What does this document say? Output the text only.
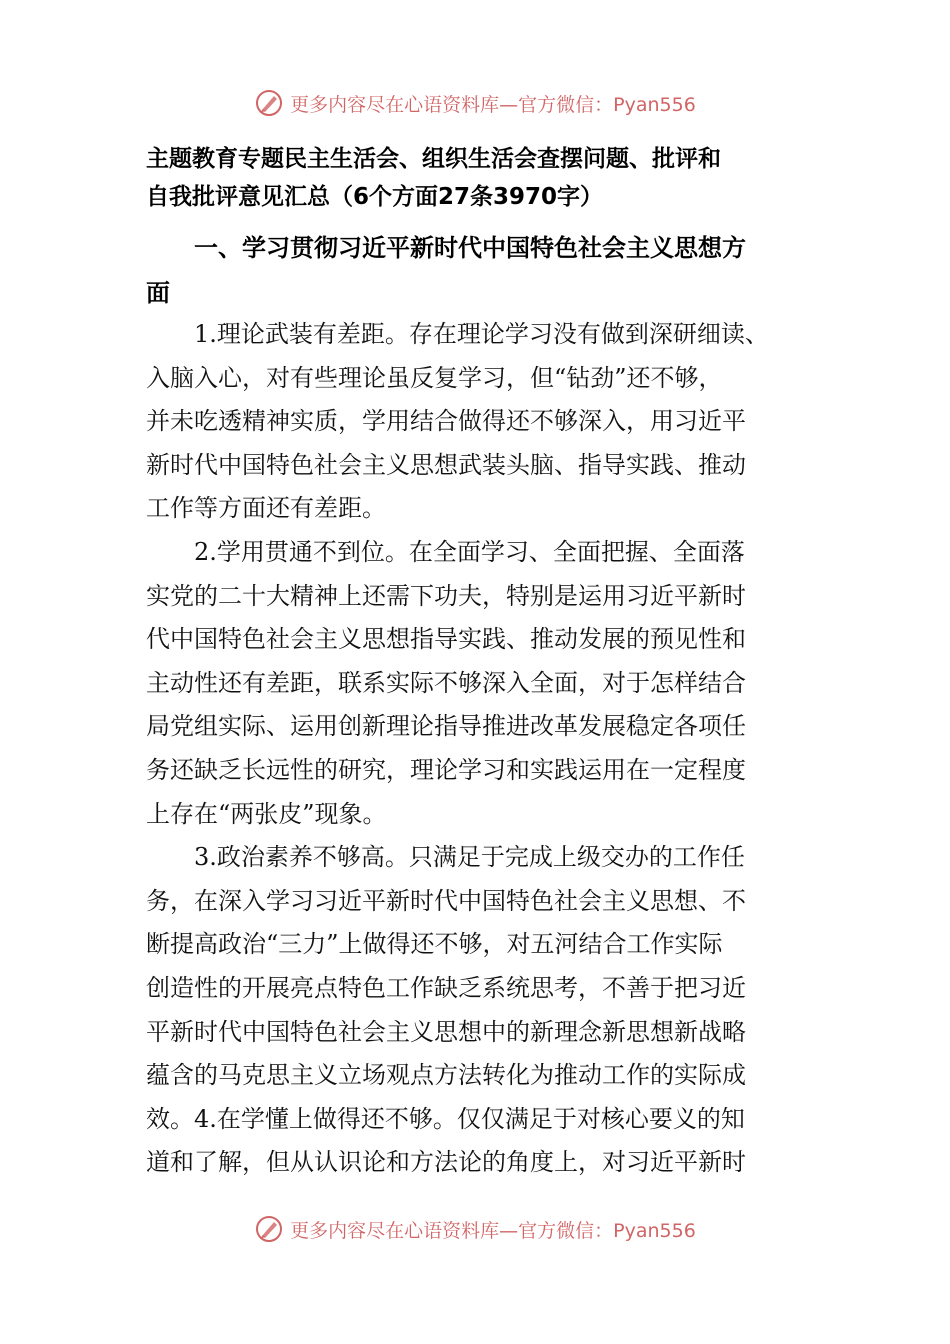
更多内容尽在心语资料库—官方微信：Pyan556
主题教育专题民主生活会、组织生活会查摆问题、批评和
自我批评意见汇总（6个方面27条3970字）
一、学习贯彻习近平新时代中国特色社会主义思想方
面

1.理论武装有差距。存在理论学习没有做到深研细读、
入脑入心，对有些理论虽反复学习，但“钻劲”还不够，
并未吃透精神实质，学用结合做得还不够深入，用习近平
新时代中国特色社会主义思想武装头脑、指导实践、推动
工作等方面还有差距。

2.学用贯通不到位。在全面学习、全面把握、全面落
实党的二十大精神上还需下功夫，特别是运用习近平新时
代中国特色社会主义思想指导实践、推动发展的预见性和
主动性还有差距，联系实际不够深入全面，对于怎样结合
局党组实际、运用创新理论指导推进改革发展稳定各项任
务还缺乏长远性的研究，理论学习和实践运用在一定程度
上存在“两张皮”现象。

3.政治素养不够高。只满足于完成上级交办的工作任
务，在深入学习习近平新时代中国特色社会主义思想、不
断提高政治“三力”上做得还不够，对五河结合工作实际
创造性的开展亮点特色工作缺乏系统思考，不善于把习近
平新时代中国特色社会主义思想中的新理念新思想新战略
蕴含的马克思主义立场观点方法转化为推动工作的实际成
效。4.在学懂上做得还不够。仅仅满足于对核心要义的知
道和了解，但从认识论和方法论的角度上，对习近平新时

更多内容尽在心语资料库—官方微信：Pyan556
